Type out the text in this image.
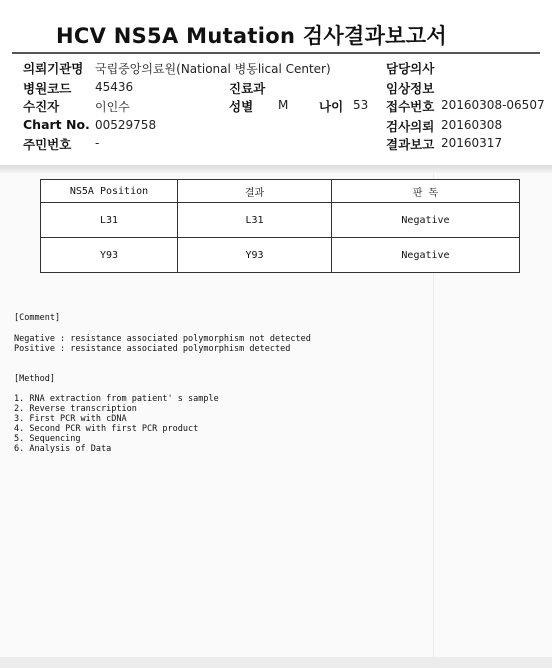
HCV NS5A Mutation 검사결과보고서
의뢰기관명 국립중앙의료원(National 병동lical Center)
병원코드 45436
수진자	이인수
Chart No. 00529758
주민번호 -
진료과
성별 M 나이 53
담당의사
임상정보
접수번호 20160308-06507
검사의뢰 20160308
결과보고 20160317
NS5A Position	결과	판 독
L31	L31	Negative
Y93	Y93	Negative
[Comment]
Negative : resistance associated polymorphism not detected
Positive : resistance associated polymorphism detected
[Method]
1. RNA extraction from patient' s sample
2. Reverse transcription
3. First PCR with cDNA
4. Second PCR with first PCR product
5. Sequencing
6. Analysis of Data
